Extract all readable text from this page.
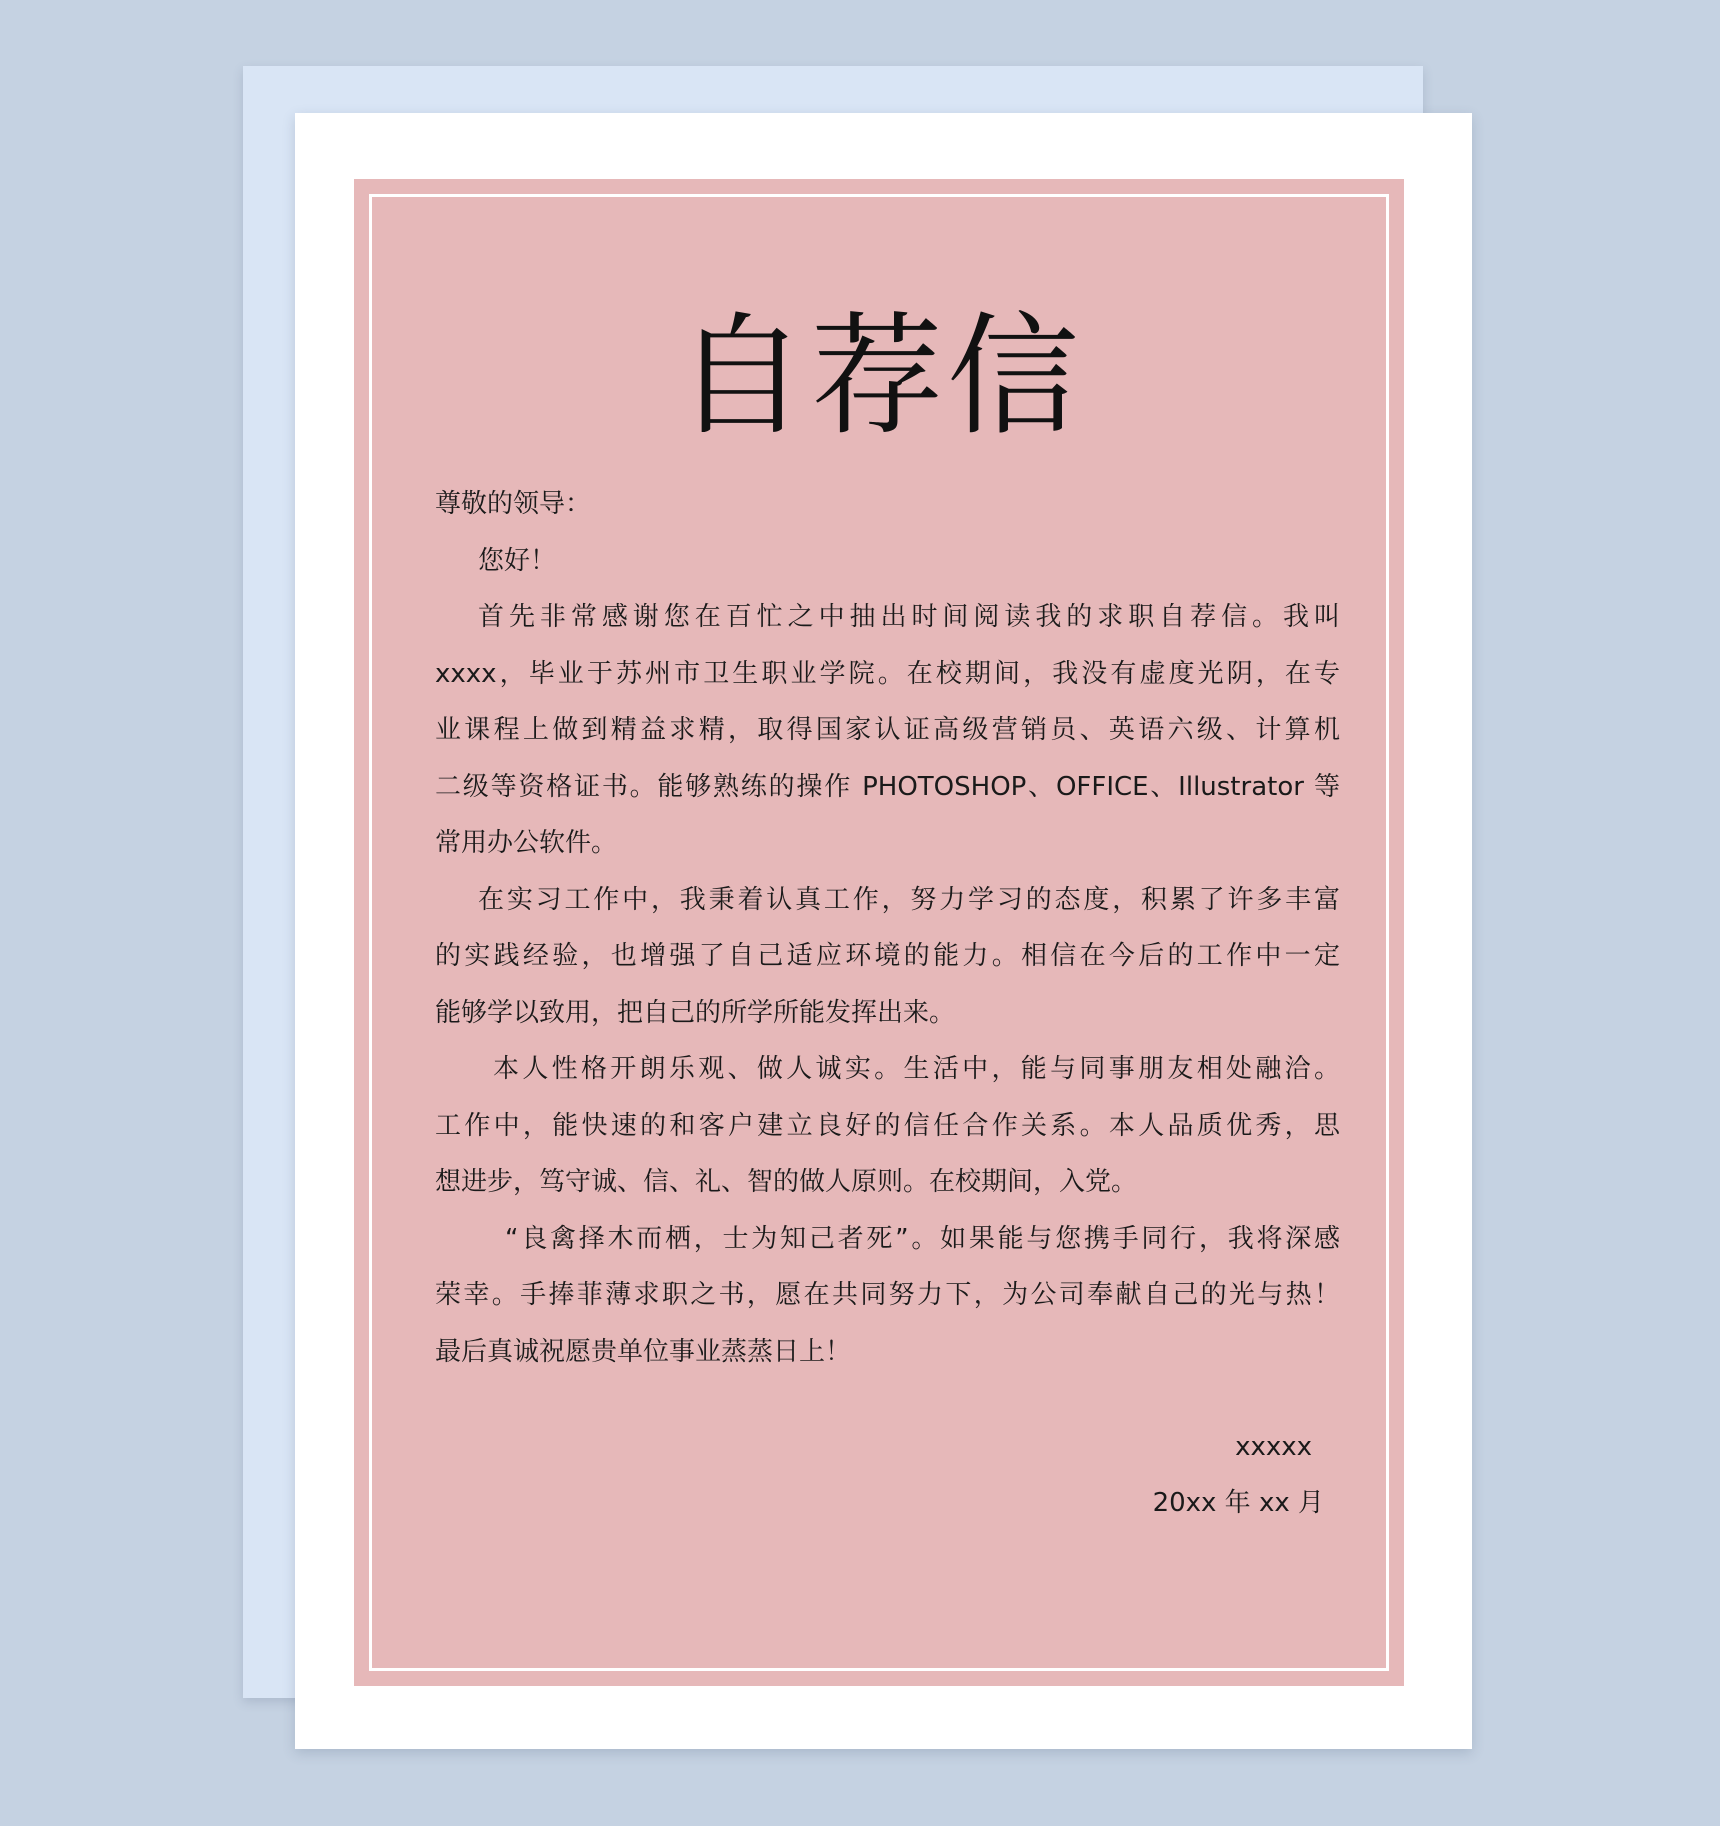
自荐信
尊敬的领导：
您好！
首先非常感谢您在百忙之中抽出时间阅读我的求职自荐信。我叫
xxxx，毕业于苏州市卫生职业学院。在校期间，我没有虚度光阴，在专
业课程上做到精益求精，取得国家认证高级营销员、英语六级、计算机
二级等资格证书。能够熟练的操作 PHOTOSHOP、OFFICE、Illustrator 等
常用办公软件。
在实习工作中，我秉着认真工作，努力学习的态度，积累了许多丰富
的实践经验，也增强了自己适应环境的能力。相信在今后的工作中一定
能够学以致用，把自己的所学所能发挥出来。
本人性格开朗乐观、做人诚实。生活中，能与同事朋友相处融洽。
工作中，能快速的和客户建立良好的信任合作关系。本人品质优秀，思
想进步，笃守诚、信、礼、智的做人原则。在校期间，入党。
“良禽择木而栖，士为知己者死”。如果能与您携手同行，我将深感
荣幸。手捧菲薄求职之书，愿在共同努力下，为公司奉献自己的光与热！
最后真诚祝愿贵单位事业蒸蒸日上！
xxxxx
20xx 年 xx 月
